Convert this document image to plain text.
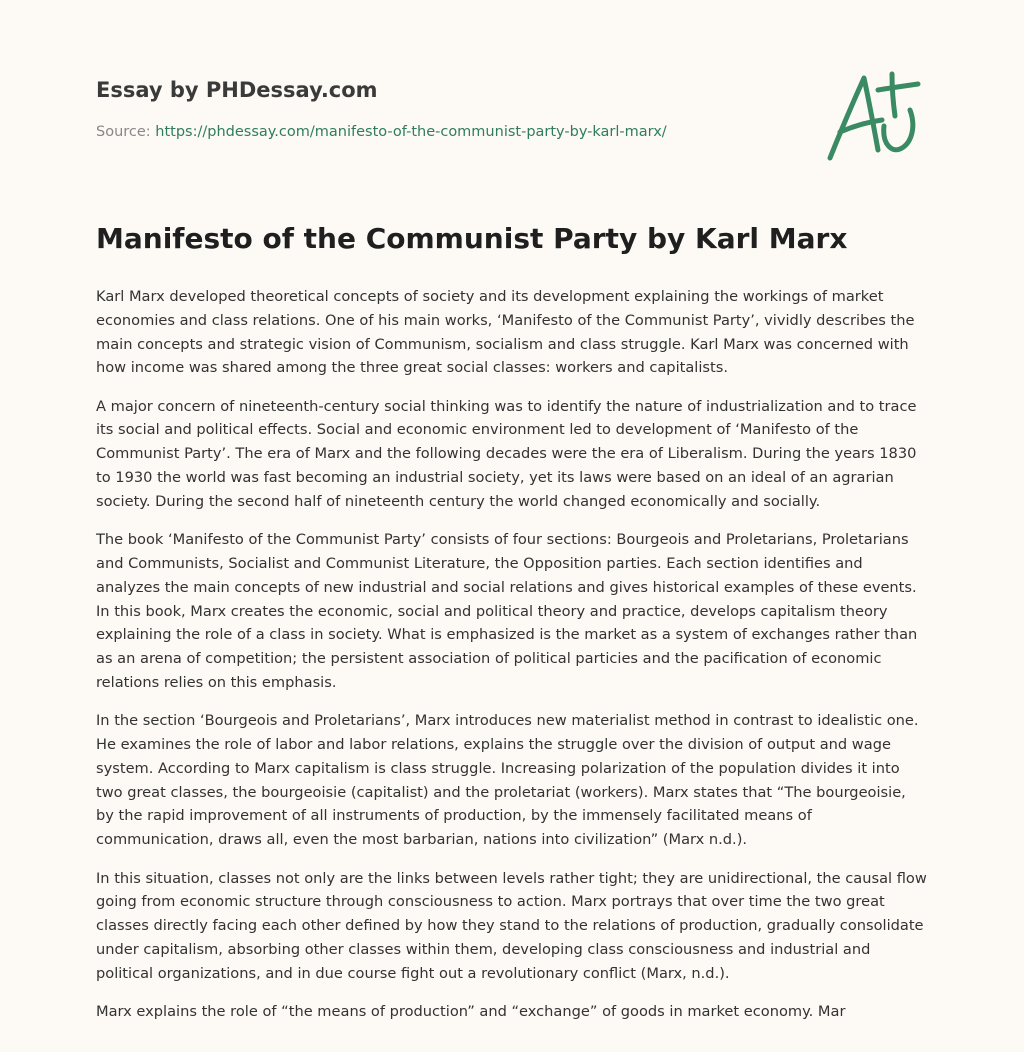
Essay by PHDessay.com
Source: https://phdessay.com/manifesto-of-the-communist-party-by-karl-marx/
Manifesto of the Communist Party by Karl Marx

Karl Marx developed theoretical concepts of society and its development explaining the workings of market economies and class relations. One of his main works, ‘Manifesto of the Communist Party’, vividly describes the main concepts and strategic vision of Communism, socialism and class struggle. Karl Marx was concerned with how income was shared among the three great social classes: workers and capitalists.

A major concern of nineteenth-century social thinking was to identify the nature of industrialization and to trace its social and political effects. Social and economic environment led to development of ‘Manifesto of the Communist Party’. The era of Marx and the following decades were the era of Liberalism. During the years 1830 to 1930 the world was fast becoming an industrial society, yet its laws were based on an ideal of an agrarian society. During the second half of nineteenth century the world changed economically and socially.

The book ‘Manifesto of the Communist Party’ consists of four sections: Bourgeois and Proletarians, Proletarians and Communists, Socialist and Communist Literature, the Opposition parties. Each section identifies and analyzes the main concepts of new industrial and social relations and gives historical examples of these events. In this book, Marx creates the economic, social and political theory and practice, develops capitalism theory explaining the role of a class in society. What is emphasized is the market as a system of exchanges rather than as an arena of competition; the persistent association of political particies and the pacification of economic relations relies on this emphasis.

In the section ‘Bourgeois and Proletarians’, Marx introduces new materialist method in contrast to idealistic one. He examines the role of labor and labor relations, explains the struggle over the division of output and wage system. According to Marx capitalism is class struggle. Increasing polarization of the population divides it into two great classes, the bourgeoisie (capitalist) and the proletariat (workers). Marx states that “The bourgeoisie, by the rapid improvement of all instruments of production, by the immensely facilitated means of communication, draws all, even the most barbarian, nations into civilization” (Marx n.d.).

In this situation, classes not only are the links between levels rather tight; they are unidirectional, the causal flow going from economic structure through consciousness to action. Marx portrays that over time the two great classes directly facing each other defined by how they stand to the relations of production, gradually consolidate under capitalism, absorbing other classes within them, developing class consciousness and industrial and political organizations, and in due course fight out a revolutionary conflict (Marx, n.d.).

Marx explains the role of “the means of production” and “exchange” of goods in market economy. Mar
